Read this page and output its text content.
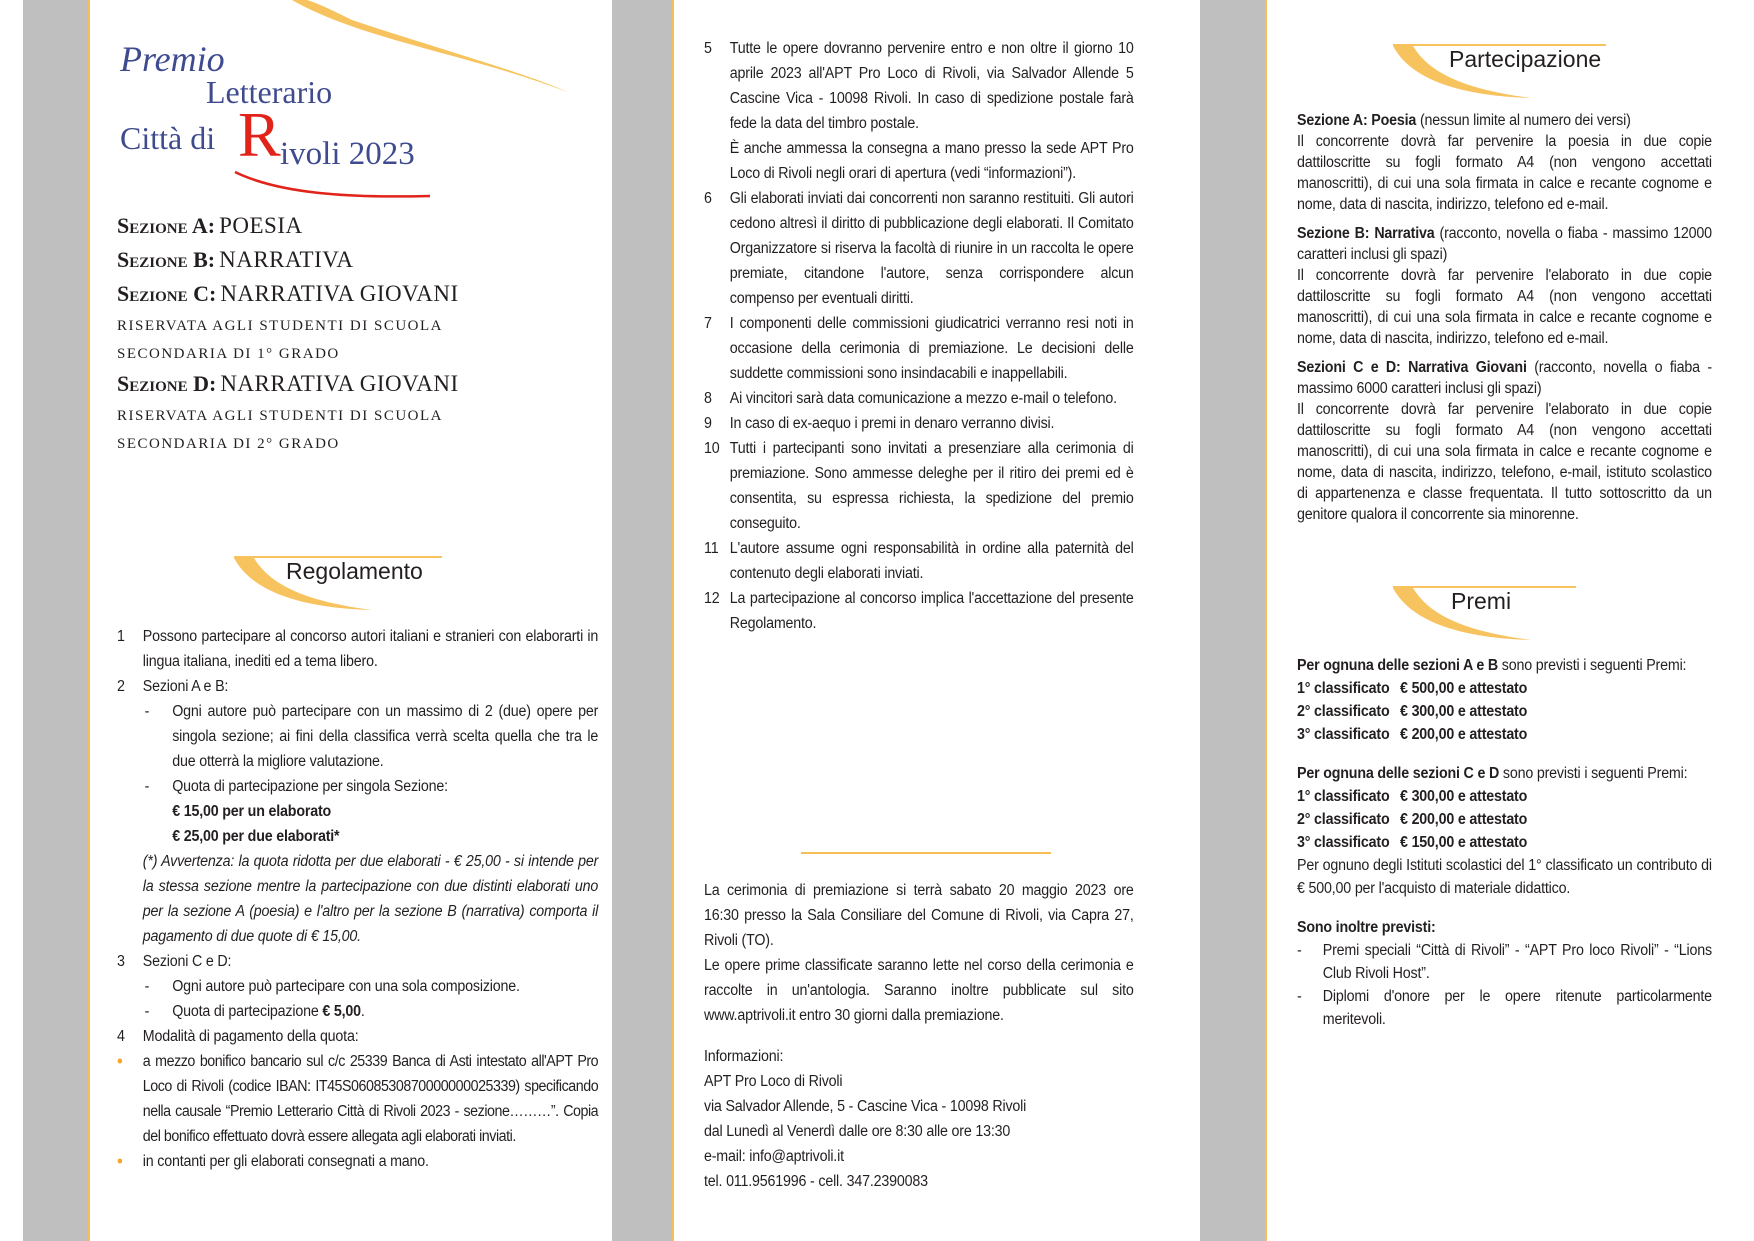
Premio
Letterario
Città di R ivoli 2023
Sezione A: POESIA
Sezione B: NARRATIVA
Sezione C: NARRATIVA GIOVANI
RISERVATA AGLI STUDENTI DI SCUOLA
SECONDARIA DI 1° GRADO
Sezione D: NARRATIVA GIOVANI
RISERVATA AGLI STUDENTI DI SCUOLA
SECONDARIA DI 2° GRADO
Regolamento
1	Possono partecipare al concorso autori italiani e stranieri con elaborarti in lingua italiana, inediti ed a tema libero.
2	Sezioni A e B:
-	Ogni autore può partecipare con un massimo di 2 (due) opere per singola sezione; ai fini della classifica verrà scelta quella che tra le due otterrà la migliore valutazione.
-	Quota di partecipazione per singola Sezione:
€ 15,00 per un elaborato
€ 25,00 per due elaborati*
(*) Avvertenza: la quota ridotta per due elaborati - € 25,00 - si intende per la stessa sezione mentre la partecipazione con due distinti elaborati uno per la sezione A (poesia) e l'altro per la sezione B (narrativa) comporta il pagamento di due quote di € 15,00.
3	Sezioni C e D:
-	Ogni autore può partecipare con una sola composizione.
-	Quota di partecipazione € 5,00.
4	Modalità di pagamento della quota:
•	a mezzo bonifico bancario sul c/c 25339 Banca di Asti intestato all'APT Pro Loco di Rivoli (codice IBAN: IT45S0608530870000000025339) specificando nella causale “Premio Letterario Città di Rivoli 2023 - sezione………”. Copia del bonifico effettuato dovrà essere allegata agli elaborati inviati.
•	in contanti per gli elaborati consegnati a mano.
5	Tutte le opere dovranno pervenire entro e non oltre il giorno 10 aprile 2023 all'APT Pro Loco di Rivoli, via Salvador Allende 5 Cascine Vica - 10098 Rivoli. In caso di spedizione postale farà fede la data del timbro postale.
È anche ammessa la consegna a mano presso la sede APT Pro Loco di Rivoli negli orari di apertura (vedi “informazioni”).
6	Gli elaborati inviati dai concorrenti non saranno restituiti. Gli autori cedono altresì il diritto di pubblicazione degli elaborati. Il Comitato Organizzatore si riserva la facoltà di riunire in un raccolta le opere premiate, citandone l'autore, senza corrispondere alcun compenso per eventuali diritti.
7	I componenti delle commissioni giudicatrici verranno resi noti in occasione della cerimonia di premiazione. Le decisioni delle suddette commissioni sono insindacabili e inappellabili.
8	Ai vincitori sarà data comunicazione a mezzo e-mail o telefono.
9	In caso di ex-aequo i premi in denaro verranno divisi.
10 Tutti i partecipanti sono invitati a presenziare alla cerimonia di premiazione. Sono ammesse deleghe per il ritiro dei premi ed è consentita, su espressa richiesta, la spedizione del premio conseguito.
11 L'autore assume ogni responsabilità in ordine alla paternità del contenuto degli elaborati inviati.
12 La partecipazione al concorso implica l'accettazione del presente Regolamento.
La cerimonia di premiazione si terrà sabato 20 maggio 2023 ore 16:30 presso la Sala Consiliare del Comune di Rivoli, via Capra 27, Rivoli (TO).
Le opere prime classificate saranno lette nel corso della cerimonia e raccolte in un'antologia. Saranno inoltre pubblicate sul sito www.aptrivoli.it entro 30 giorni dalla premiazione.
Informazioni:
APT Pro Loco di Rivoli
via Salvador Allende, 5 - Cascine Vica - 10098 Rivoli
dal Lunedì al Venerdì dalle ore 8:30 alle ore 13:30
e-mail: info@aptrivoli.it
tel. 011.9561996 - cell. 347.2390083
Partecipazione
Sezione A: Poesia (nessun limite al numero dei versi)
Il concorrente dovrà far pervenire la poesia in due copie dattiloscritte su fogli formato A4 (non vengono accettati manoscritti), di cui una sola firmata in calce e recante cognome e nome, data di nascita, indirizzo, telefono ed e-mail.
Sezione B: Narrativa (racconto, novella o fiaba - massimo 12000 caratteri inclusi gli spazi)
Il concorrente dovrà far pervenire l'elaborato in due copie dattiloscritte su fogli formato A4 (non vengono accettati manoscritti), di cui una sola firmata in calce e recante cognome e nome, data di nascita, indirizzo, telefono ed e-mail.
Sezioni C e D: Narrativa Giovani (racconto, novella o fiaba - massimo 6000 caratteri inclusi gli spazi)
Il concorrente dovrà far pervenire l'elaborato in due copie dattiloscritte su fogli formato A4 (non vengono accettati manoscritti), di cui una sola firmata in calce e recante cognome e nome, data di nascita, indirizzo, telefono, e-mail, istituto scolastico di appartenenza e classe frequentata. Il tutto sottoscritto da un genitore qualora il concorrente sia minorenne.
Premi
Per ognuna delle sezioni A e B sono previsti i seguenti Premi:
1° classificato € 500,00 e attestato
2° classificato € 300,00 e attestato
3° classificato € 200,00 e attestato
Per ognuna delle sezioni C e D sono previsti i seguenti Premi:
1° classificato € 300,00 e attestato
2° classificato € 200,00 e attestato
3° classificato € 150,00 e attestato
Per ognuno degli Istituti scolastici del 1° classificato un contributo di € 500,00 per l'acquisto di materiale didattico.
Sono inoltre previsti:
-	Premi speciali “Città di Rivoli” - “APT Pro loco Rivoli” - “Lions Club Rivoli Host”.
-	Diplomi d'onore per le opere ritenute particolarmente meritevoli.
